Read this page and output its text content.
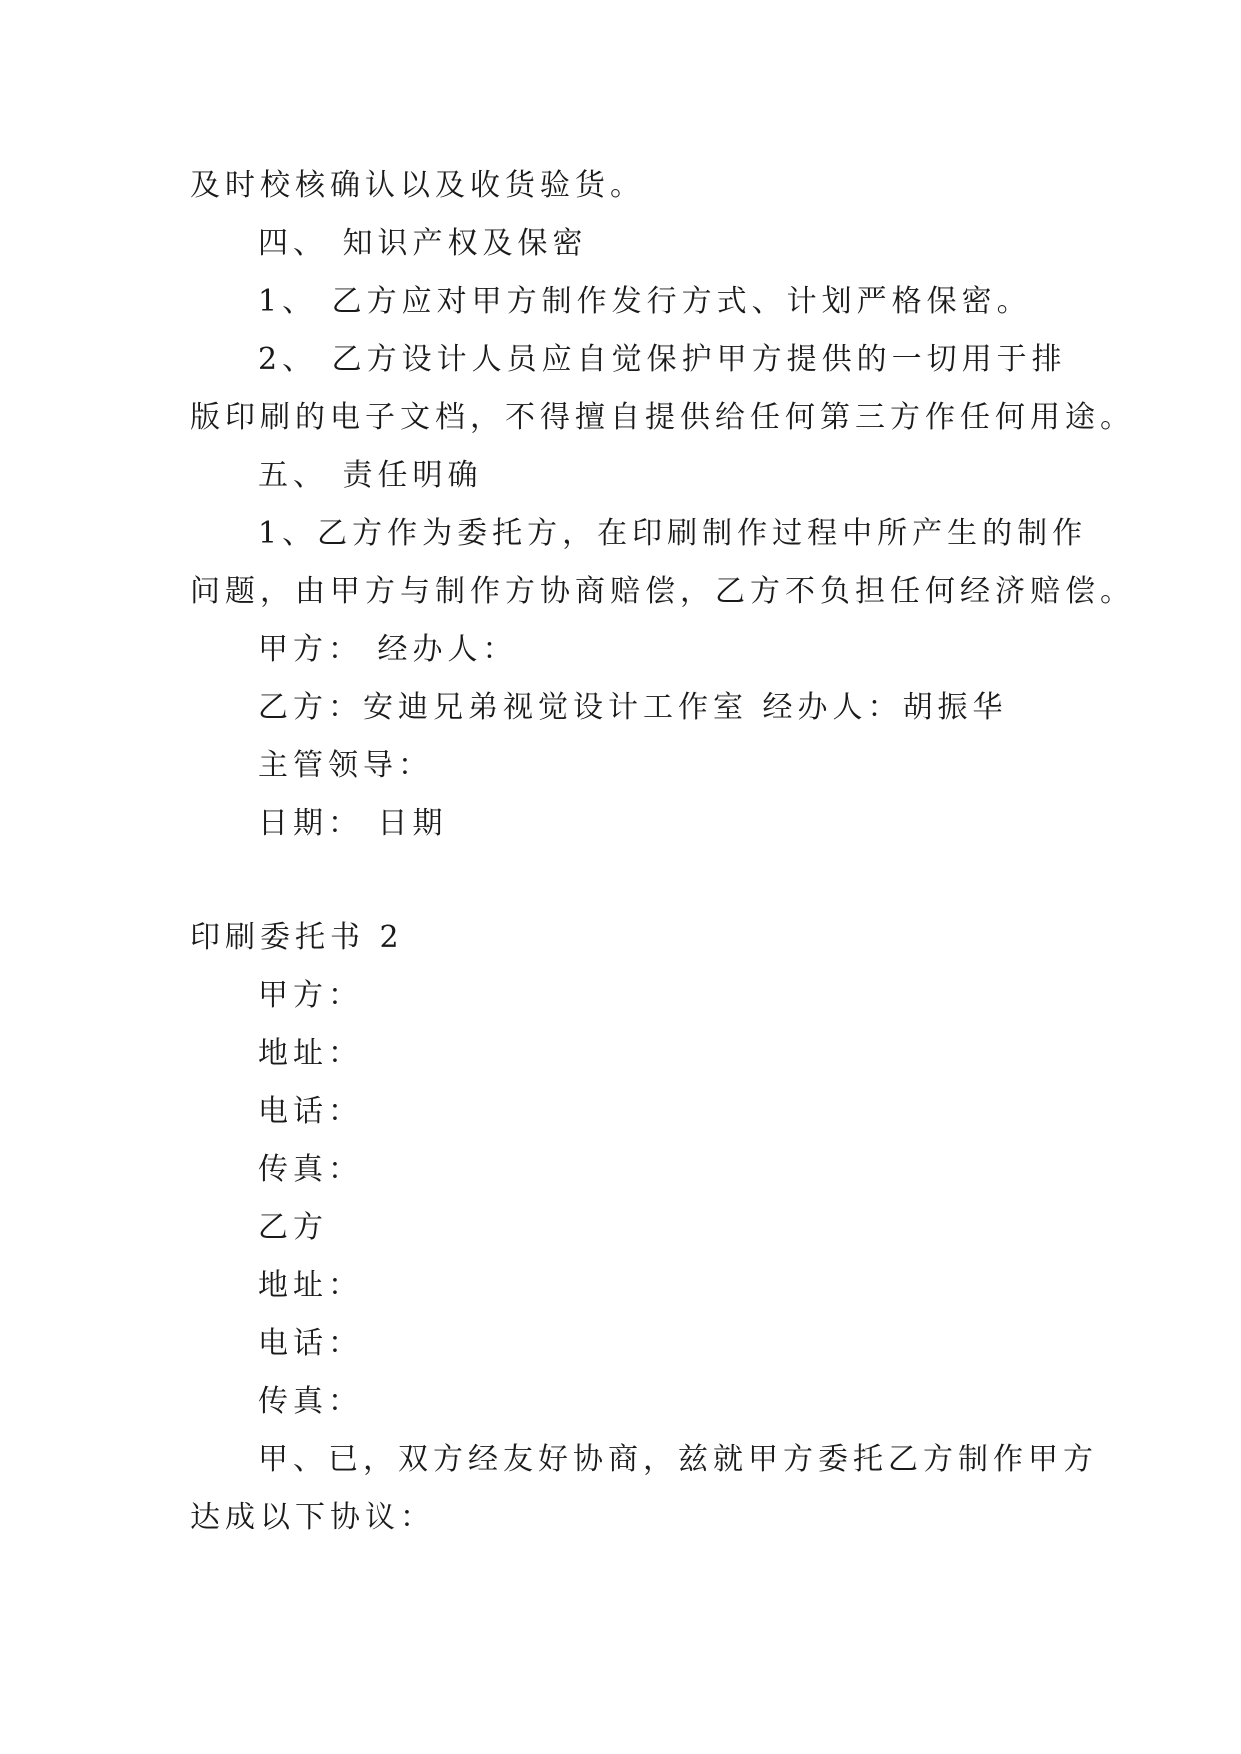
及时校核确认以及收货验货。
四、 知识产权及保密
1、 乙方应对甲方制作发行方式、计划严格保密。
2、 乙方设计人员应自觉保护甲方提供的一切用于排
版印刷的电子文档，不得擅自提供给任何第三方作任何用途。
五、 责任明确
1、乙方作为委托方，在印刷制作过程中所产生的制作
问题，由甲方与制作方协商赔偿，乙方不负担任何经济赔偿。
甲方： 经办人：
乙方：安迪兄弟视觉设计工作室 经办人：胡振华
主管领导：
日期： 日期
印刷委托书 2
甲方：
地址：
电话：
传真：
乙方
地址：
电话：
传真：
甲、已，双方经友好协商，兹就甲方委托乙方制作甲方
达成以下协议：
